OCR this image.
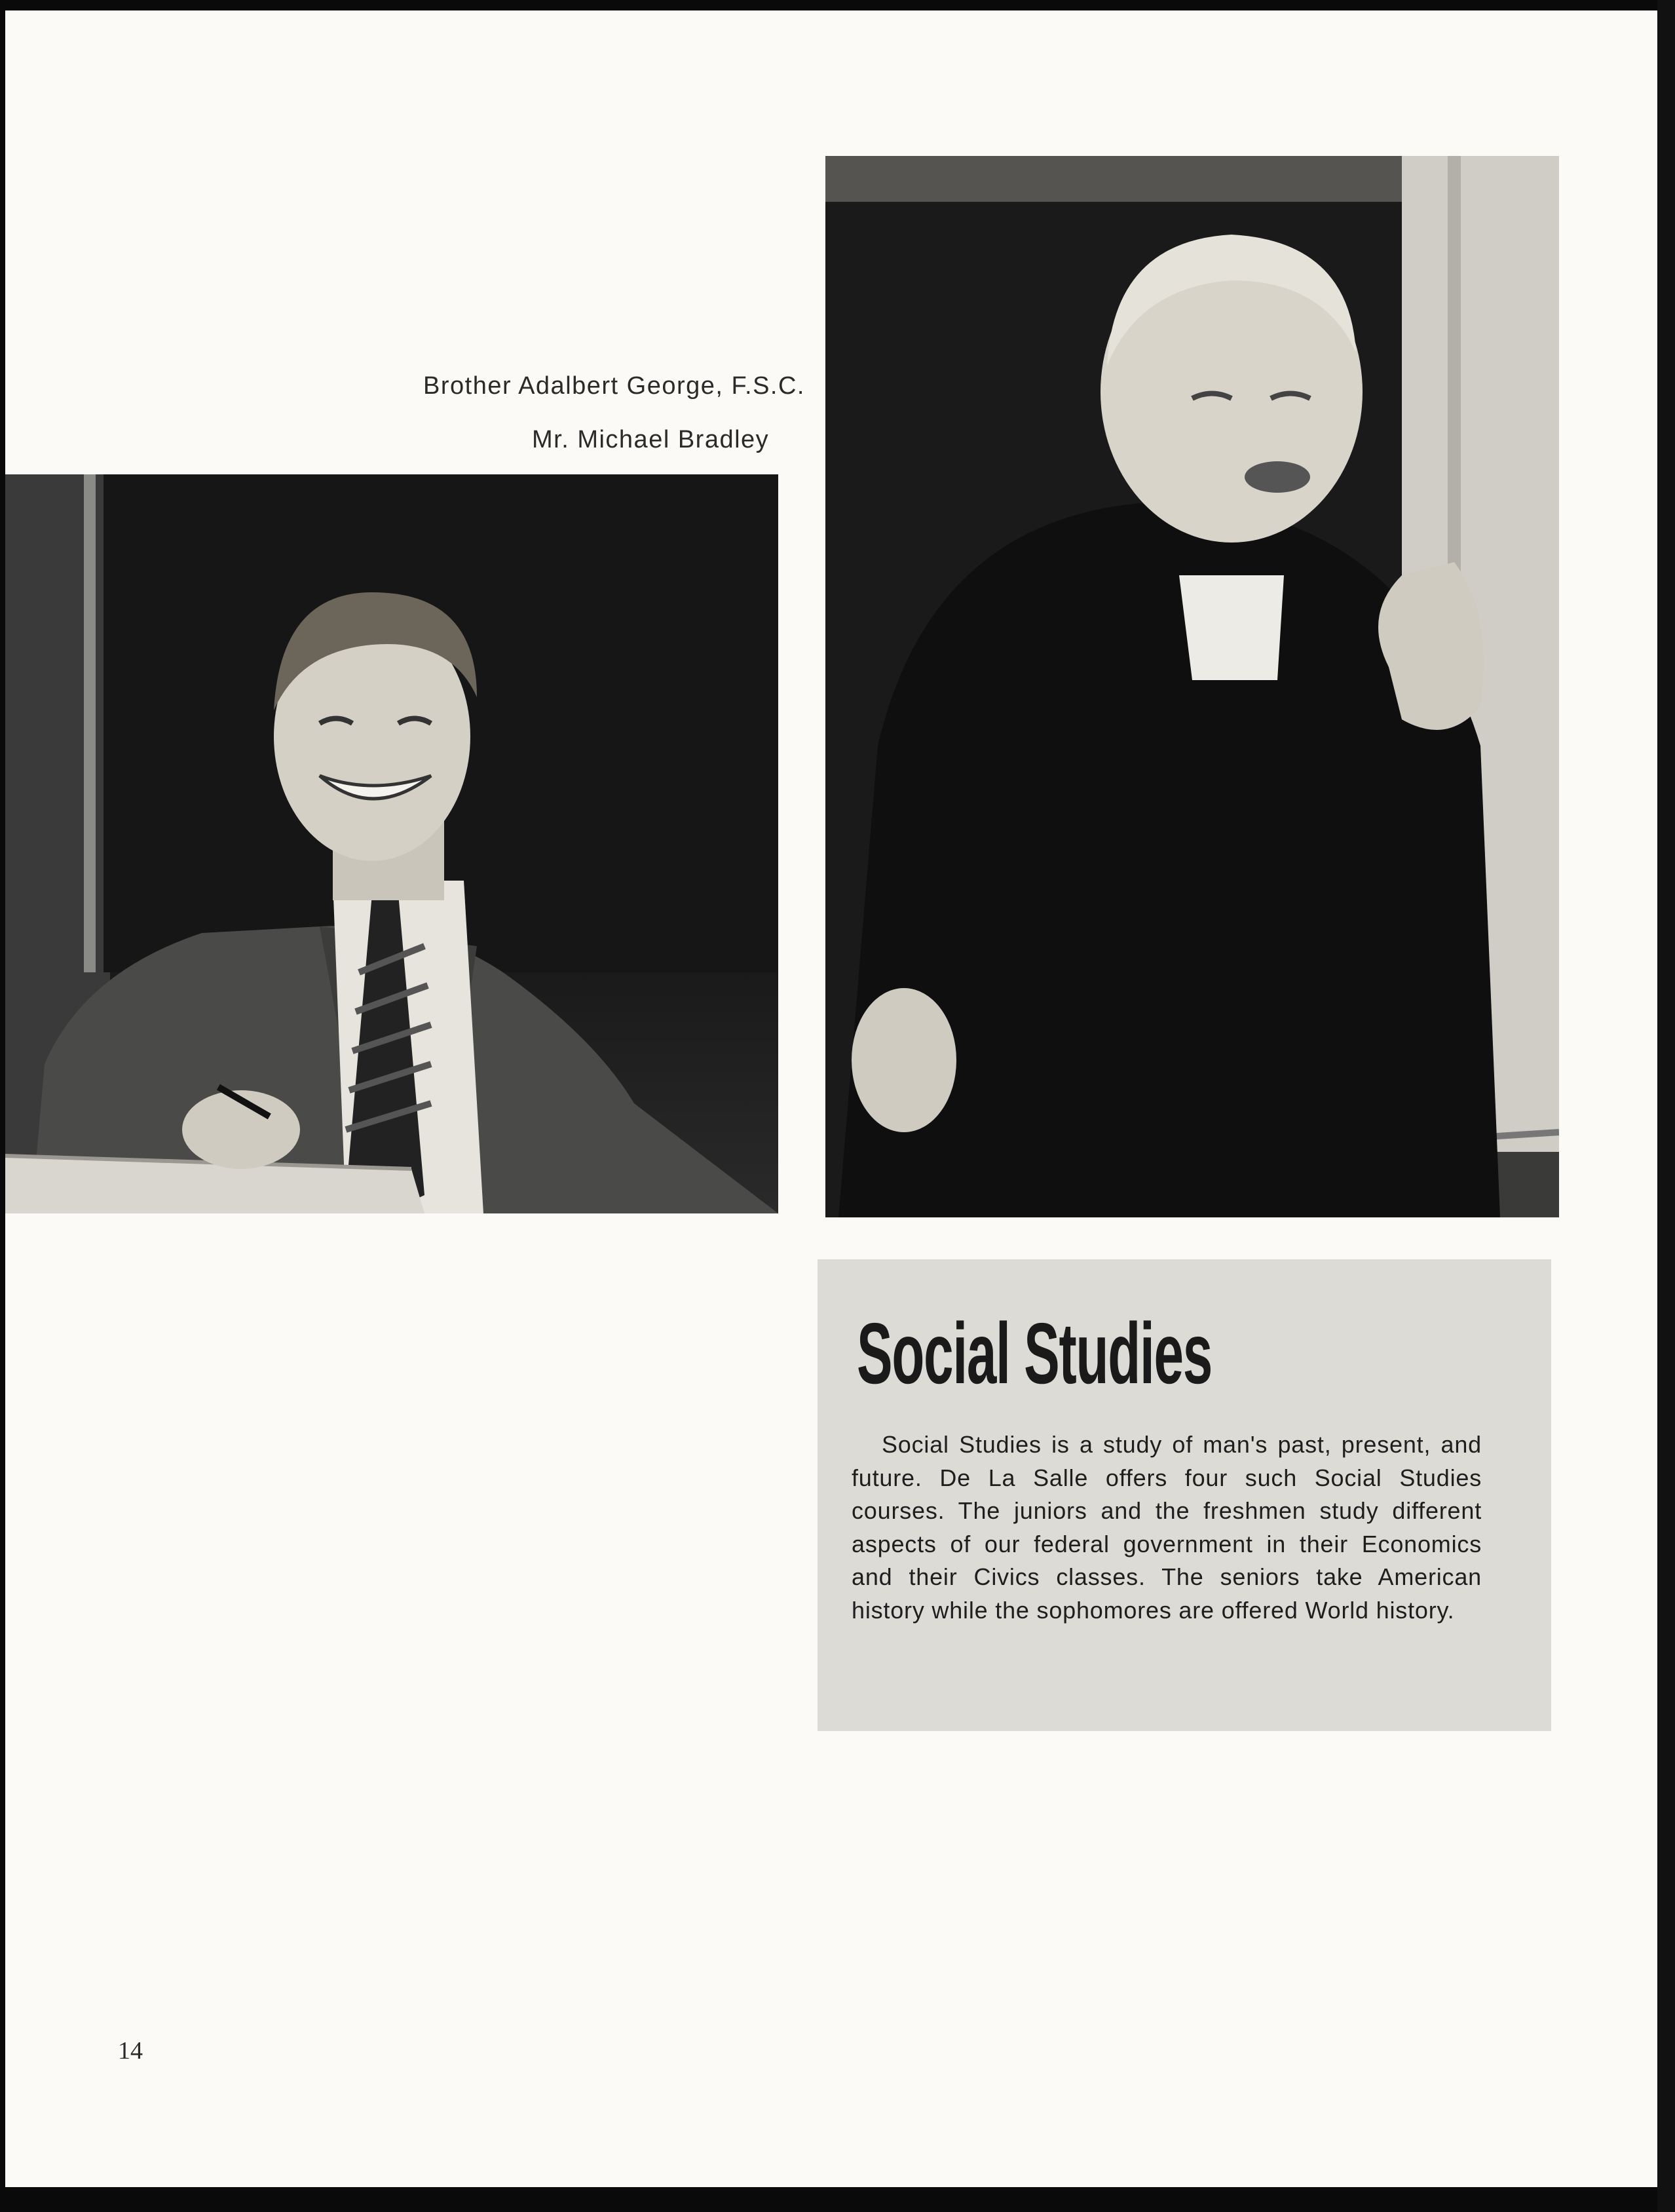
Brother Adalbert George, F.S.C.
Mr. Michael Bradley
Social Studies
Social Studies is a study of man's past, present, and future. De La Salle offers four such Social Studies courses. The juniors and the freshmen study different aspects of our federal government in their Economics and their Civics classes. The seniors take American history while the sophomores are offered World history.
14
